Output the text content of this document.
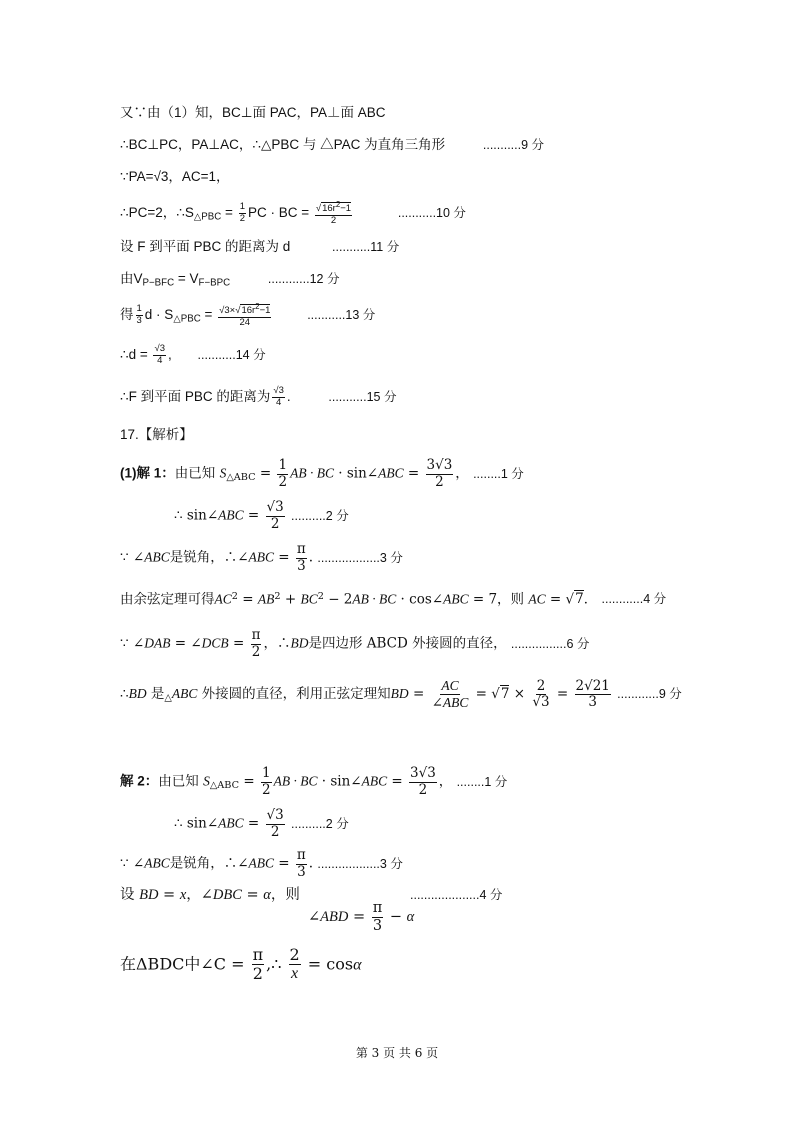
又∵由（1）知，BC⊥面 PAC，PA⊥面 ABC
∴BC⊥PC，PA⊥AC，∴△PBC 与 △PAC 为直角三角形	...........9 分
∵PA=√3，AC=1，
∴PC=2，$\therefore S_{\triangle PBC} = \frac{1}{2}$ PC · BC = $\frac{√16r^2-1}{2}$	...........10 分
设 F 到平面 PBC 的距离为 d	...........11 分
由$V_{P-BFC} = V_{F-BPC}$	............12 分
得 $\frac{1}{3}$ $d \cdot S_{\triangle PBC} = \frac{√3\times√16r^2-1}{24}$	...........13 分
∴d = $\frac{√3}{4}$ , ...........14 分
∴F 到平面 PBC 的距离为 $\frac{√3}{4}$ .	...........15 分
17.【解析】
(1)解 1：由已知 $S_{\triangle ABC} = \frac{1}{2}$ AB · BC · sin∠ABC = $\frac{3√3}{2}$ ， ........1 分
∴ sin∠ABC = $\frac{√3}{2} ..........2$ 分
∵ ∠ABC是锐角，∴∠ABC = $\frac{\pi}{3}$ . ..................3 分
由余弦定理可得$AC^2 = AB^2 + BC^2 - 2AB$ · BC · cos∠ABC = 7，则 AC = √7． ............4 分
∵ ∠DAB = ∠DCB = $\frac{\pi}{2}$ ，∴BD是四边形 ABCD 外接圆的直径， ................6 分
∴BD 是$_\triangle$ABC 外接圆的直径，利用正弦定理知BD = $\frac{AC}{\text{∠ABC}} = √7 \times \frac{2}{√3} = \frac{2√21}{3} ............9$ 分
解 2：由已知 $S_{\triangle ABC} = \frac{1}{2}$ AB · BC · sin∠ABC = $\frac{3√3}{2}$ ， ........1 分
∴ sin∠ABC = $\frac{√3}{2} ..........2$ 分
∵ ∠ABC是锐角，∴∠ABC = $\frac{\pi}{3}$ . ..................3 分
设 BD = x，∠DBC = α，则
∠ABD = $\frac{\pi}{3} - \alpha$
....................4 分
在ΔBDC中∠C = $\frac{\pi}{2}$ ,∴ $\frac{2}{x} = \cos\alpha$
第 3 页 共 6 页
